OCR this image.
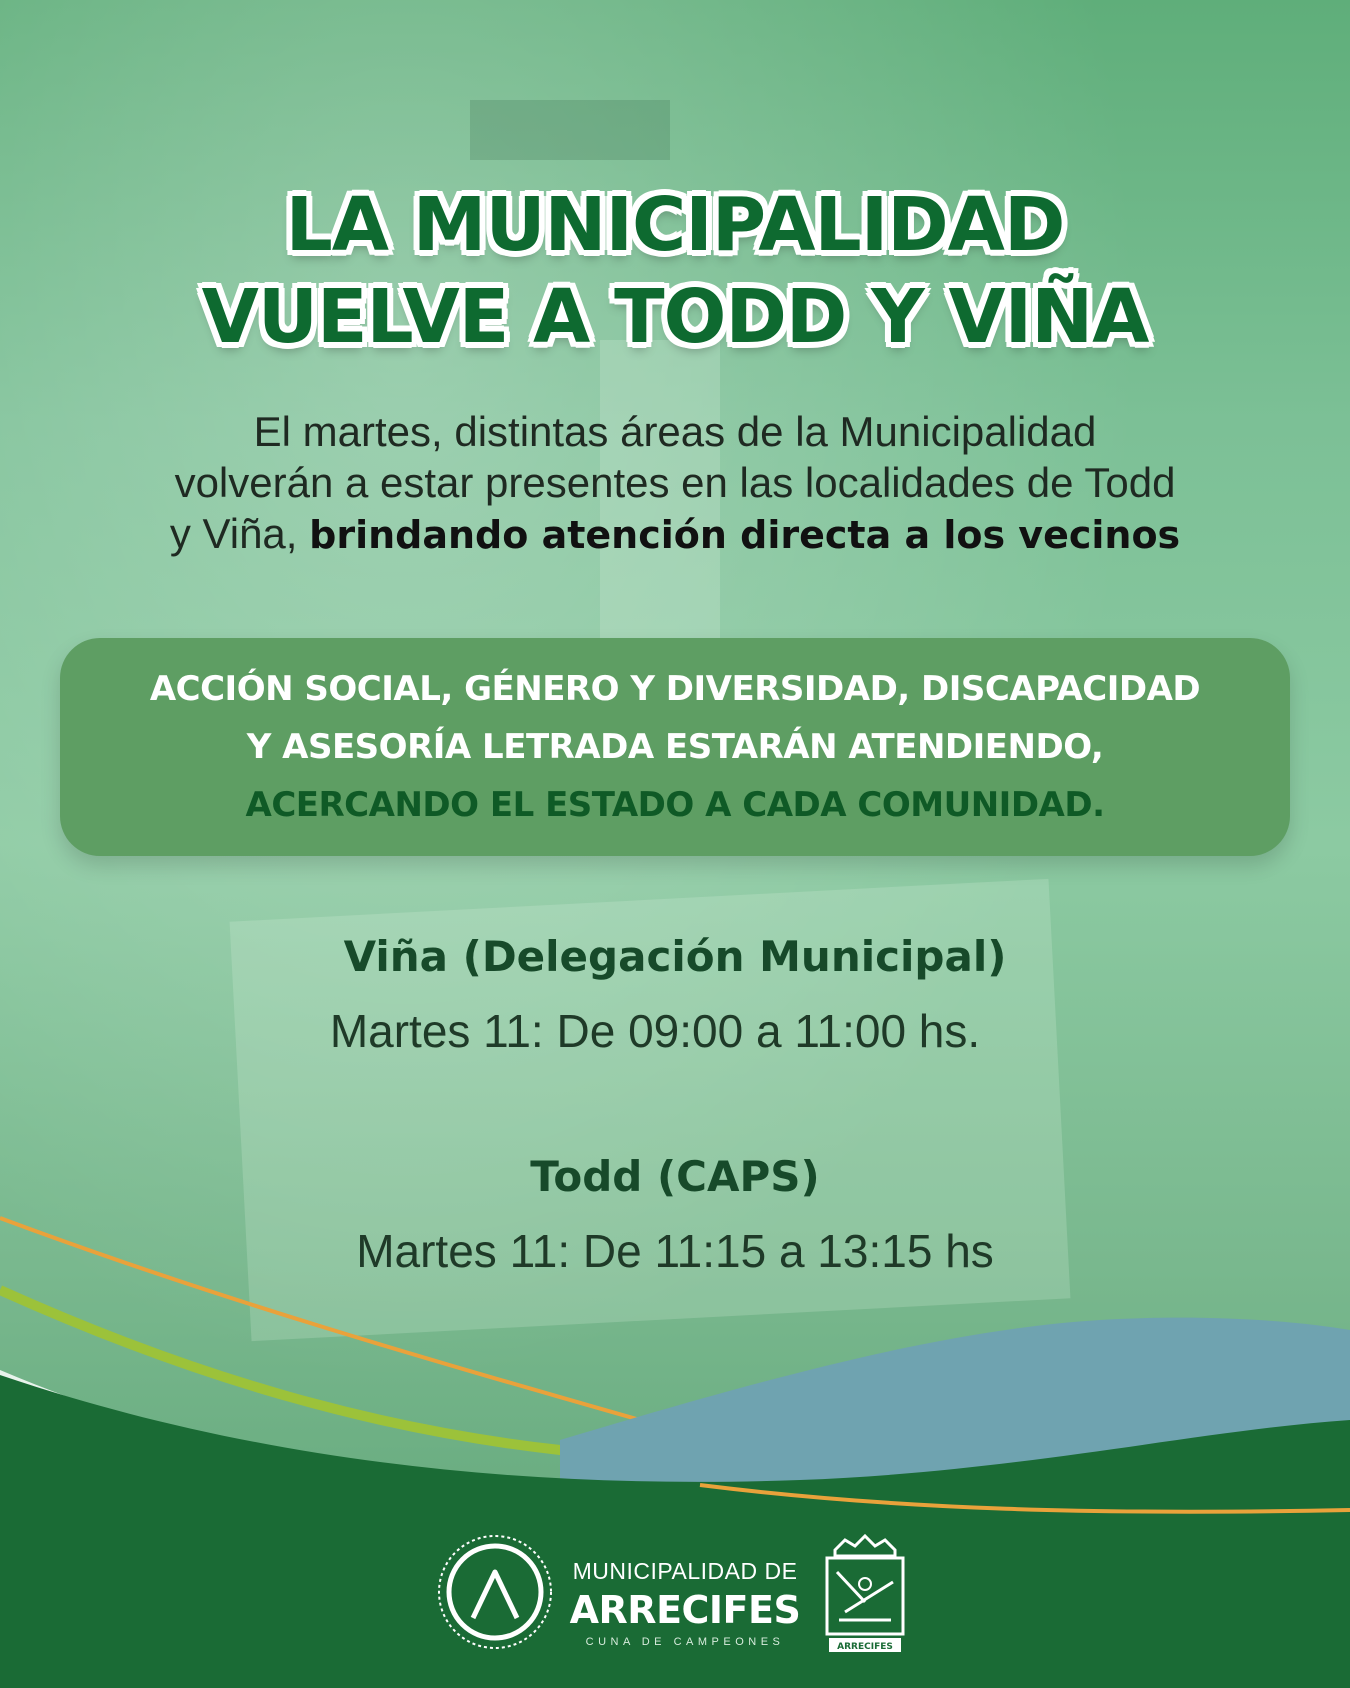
LA MUNICIPALIDAD
VUELVE A TODD Y VIÑA
El martes, distintas áreas de la Municipalidad
volverán a estar presentes en las localidades de Todd
y Viña, brindando atención directa a los vecinos
ACCIÓN SOCIAL, GÉNERO Y DIVERSIDAD, DISCAPACIDAD
Y ASESORÍA LETRADA ESTARÁN ATENDIENDO,
ACERCANDO EL ESTADO A CADA COMUNIDAD.
Viña (Delegación Municipal)
Martes 11: De 09:00 a 11:00 hs.
Todd (CAPS)
Martes 11: De 11:15 a 13:15 hs
MUNICIPALIDAD DE
ARRECIFES
CUNA DE CAMPEONES	ARRECIFES
